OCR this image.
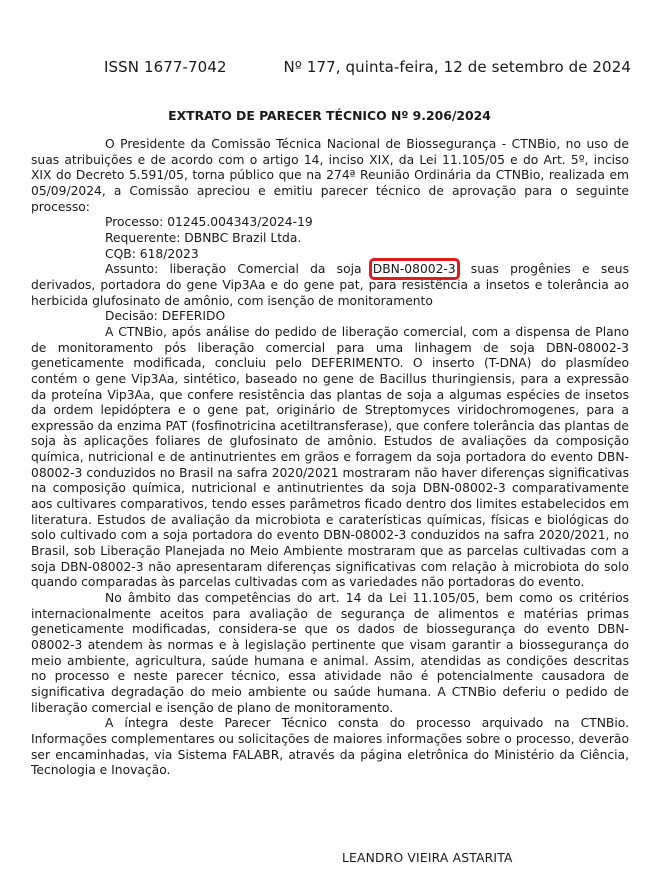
ISSN 1677-7042	Nº 177, quinta-feira, 12 de setembro de 2024
EXTRATO DE PARECER TÉCNICO Nº 9.206/2024

O Presidente da Comissão Técnica Nacional de Biossegurança - CTNBio, no uso de suas atribuições e de acordo com o artigo 14, inciso XIX, da Lei 11.105/05 e do Art. 5º, inciso XIX do Decreto 5.591/05, torna público que na 274ª Reunião Ordinária da CTNBio, realizada em 05/09/2024, a Comissão apreciou e emitiu parecer técnico de aprovação para o seguinte processo:

Processo: 01245.004343/2024-19

Requerente: DBNBC Brazil Ltda.

CQB: 618/2023

Assunto: liberação Comercial da soja DBN-08002-3, suas progênies e seus derivados, portadora do gene Vip3Aa e do gene pat, para resistência a insetos e tolerância ao herbicida glufosinato de amônio, com isenção de monitoramento

Decisão: DEFERIDO

A CTNBio, após análise do pedido de liberação comercial, com a dispensa de Plano de monitoramento pós liberação comercial para uma linhagem de soja DBN-08002-3 geneticamente modificada, concluiu pelo DEFERIMENTO. O inserto (T-DNA) do plasmídeo contém o gene Vip3Aa, sintético, baseado no gene de Bacillus thuringiensis, para a expressão da proteína Vip3Aa, que confere resistência das plantas de soja a algumas espécies de insetos da ordem lepidóptera e o gene pat, originário de Streptomyces viridochromogenes, para a expressão da enzima PAT (fosfinotricina acetiltransferase), que confere tolerância das plantas de soja às aplicações foliares de glufosinato de amônio. Estudos de avaliações da composição química, nutricional e de antinutrientes em grãos e forragem da soja portadora do evento DBN-08002-3 conduzidos no Brasil na safra 2020/2021 mostraram não haver diferenças significativas na composição química, nutricional e antinutrientes da soja DBN-08002-3 comparativamente aos cultivares comparativos, tendo esses parâmetros ficado dentro dos limites estabelecidos em literatura. Estudos de avaliação da microbiota e caraterísticas químicas, físicas e biológicas do solo cultivado com a soja portadora do evento DBN-08002-3 conduzidos na safra 2020/2021, no Brasil, sob Liberação Planejada no Meio Ambiente mostraram que as parcelas cultivadas com a soja DBN-08002-3 não apresentaram diferenças significativas com relação à microbiota do solo quando comparadas às parcelas cultivadas com as variedades não portadoras do evento.

No âmbito das competências do art. 14 da Lei 11.105/05, bem como os critérios internacionalmente aceitos para avaliação de segurança de alimentos e matérias primas geneticamente modificadas, considera-se que os dados de biossegurança do evento DBN-08002-3 atendem às normas e à legislação pertinente que visam garantir a biossegurança do meio ambiente, agricultura, saúde humana e animal. Assim, atendidas as condições descritas no processo e neste parecer técnico, essa atividade não é potencialmente causadora de significativa degradação do meio ambiente ou saúde humana. A CTNBio deferiu o pedido de liberação comercial e isenção de plano de monitoramento.

A íntegra deste Parecer Técnico consta do processo arquivado na CTNBio. Informações complementares ou solicitações de maiores informações sobre o processo, deverão ser encaminhadas, via Sistema FALABR, através da página eletrônica do Ministério da Ciência, Tecnologia e Inovação.

LEANDRO VIEIRA ASTARITA
